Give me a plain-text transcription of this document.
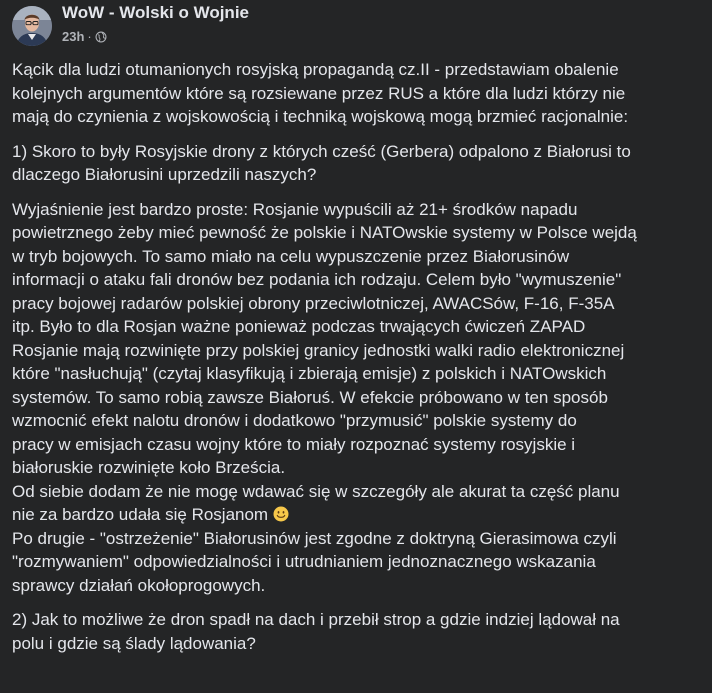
WoW - Wolski o Wojnie
23h ·

Kącik dla ludzi otumanionych rosyjską propagandą cz.II - przedstawiam obalenie
kolejnych argumentów które są rozsiewane przez RUS a które dla ludzi którzy nie
mają do czynienia z wojskowością i techniką wojskową mogą brzmieć racjonalnie:

1) Skoro to były Rosyjskie drony z których cześć (Gerbera) odpalono z Białorusi to
dlaczego Białorusini uprzedzili naszych?

Wyjaśnienie jest bardzo proste: Rosjanie wypuścili aż 21+ środków napadu
powietrznego żeby mieć pewność że polskie i NATOwskie systemy w Polsce wejdą
w tryb bojowych. To samo miało na celu wypuszczenie przez Białorusinów
informacji o ataku fali dronów bez podania ich rodzaju. Celem było "wymuszenie"
pracy bojowej radarów polskiej obrony przeciwlotniczej, AWACSów, F-16, F-35A
itp. Było to dla Rosjan ważne ponieważ podczas trwających ćwiczeń ZAPAD
Rosjanie mają rozwinięte przy polskiej granicy jednostki walki radio elektronicznej
które "nasłuchują" (czytaj klasyfikują i zbierają emisje) z polskich i NATOwskich
systemów. To samo robią zawsze Białoruś. W efekcie próbowano w ten sposób
wzmocnić efekt nalotu dronów i dodatkowo "przymusić" polskie systemy do
pracy w emisjach czasu wojny które to miały rozpoznać systemy rosyjskie i
białoruskie rozwinięte koło Brześcia.
Od siebie dodam że nie mogę wdawać się w szczegóły ale akurat ta część planu
nie za bardzo udała się Rosjanom
Po drugie - "ostrzeżenie" Białorusinów jest zgodne z doktryną Gierasimowa czyli
"rozmywaniem" odpowiedzialności i utrudnianiem jednoznacznego wskazania
sprawcy działań okołoprogowych.

2) Jak to możliwe że dron spadł na dach i przebił strop a gdzie indziej lądował na
polu i gdzie są ślady lądowania?
